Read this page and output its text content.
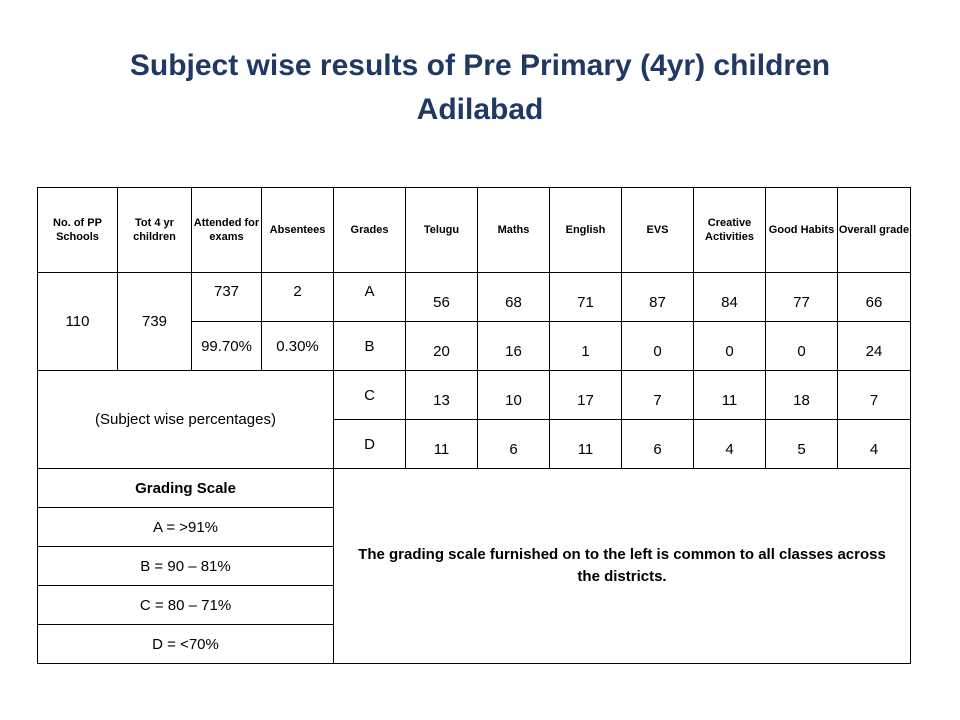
Subject wise results of Pre Primary (4yr) children
Adilabad
No. of PP Schools	Tot 4 yr children	Attended for exams	Absentees	Grades	Telugu	Maths	English	EVS	Creative Activities	Good Habits	Overall grade
110	739	737	2	A	56	68	71	87	84	77	66
		99.70%	0.30%	B	20	16	1	0	0	0	24
(Subject wise percentages)				C	13	10	17	7	11	18	7
				D	11	6	11	6	4	5	4
Grading Scale				The grading scale furnished on to the left is common to all classes across the districts.							
A = >91%											
B = 90 – 81%											
C = 80 – 71%											
D = <70%											
